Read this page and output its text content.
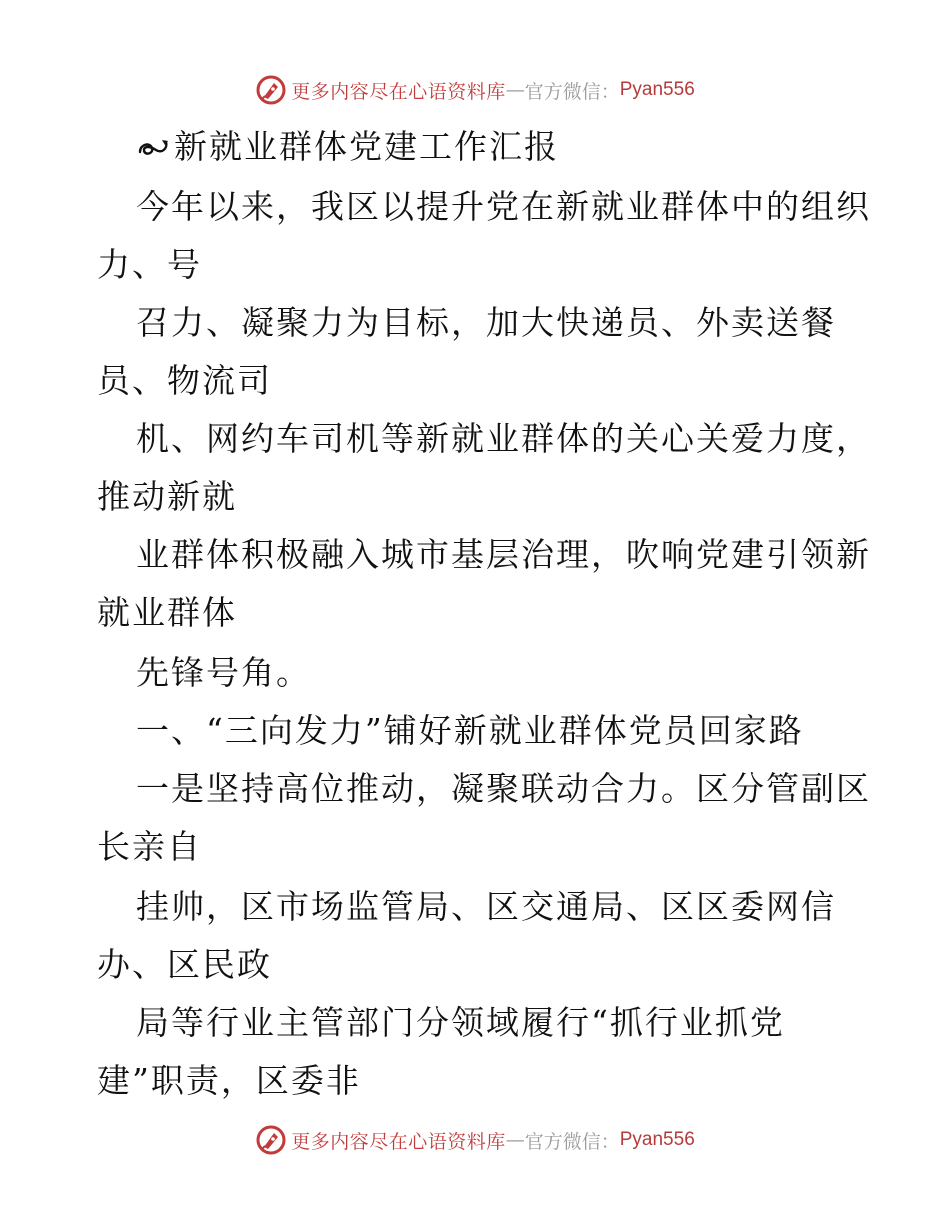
更多内容尽在心语资料库 — 官方微信： Pyan556
新就业群体党建工作汇报
今年以来，我区以提升党在新就业群体中的组织
力、号
召力、凝聚力为目标，加大快递员、外卖送餐
员、物流司
机、网约车司机等新就业群体的关心关爱力度，
推动新就
业群体积极融入城市基层治理，吹响党建引领新
就业群体
先锋号角。
一、“三向发力”铺好新就业群体党员回家路
一是坚持高位推动，凝聚联动合力。区分管副区
长亲自
挂帅，区市场监管局、区交通局、区区委网信
办、区民政
局等行业主管部门分领域履行“抓行业抓党
建”职责，区委非
更多内容尽在心语资料库 — 官方微信： Pyan556
